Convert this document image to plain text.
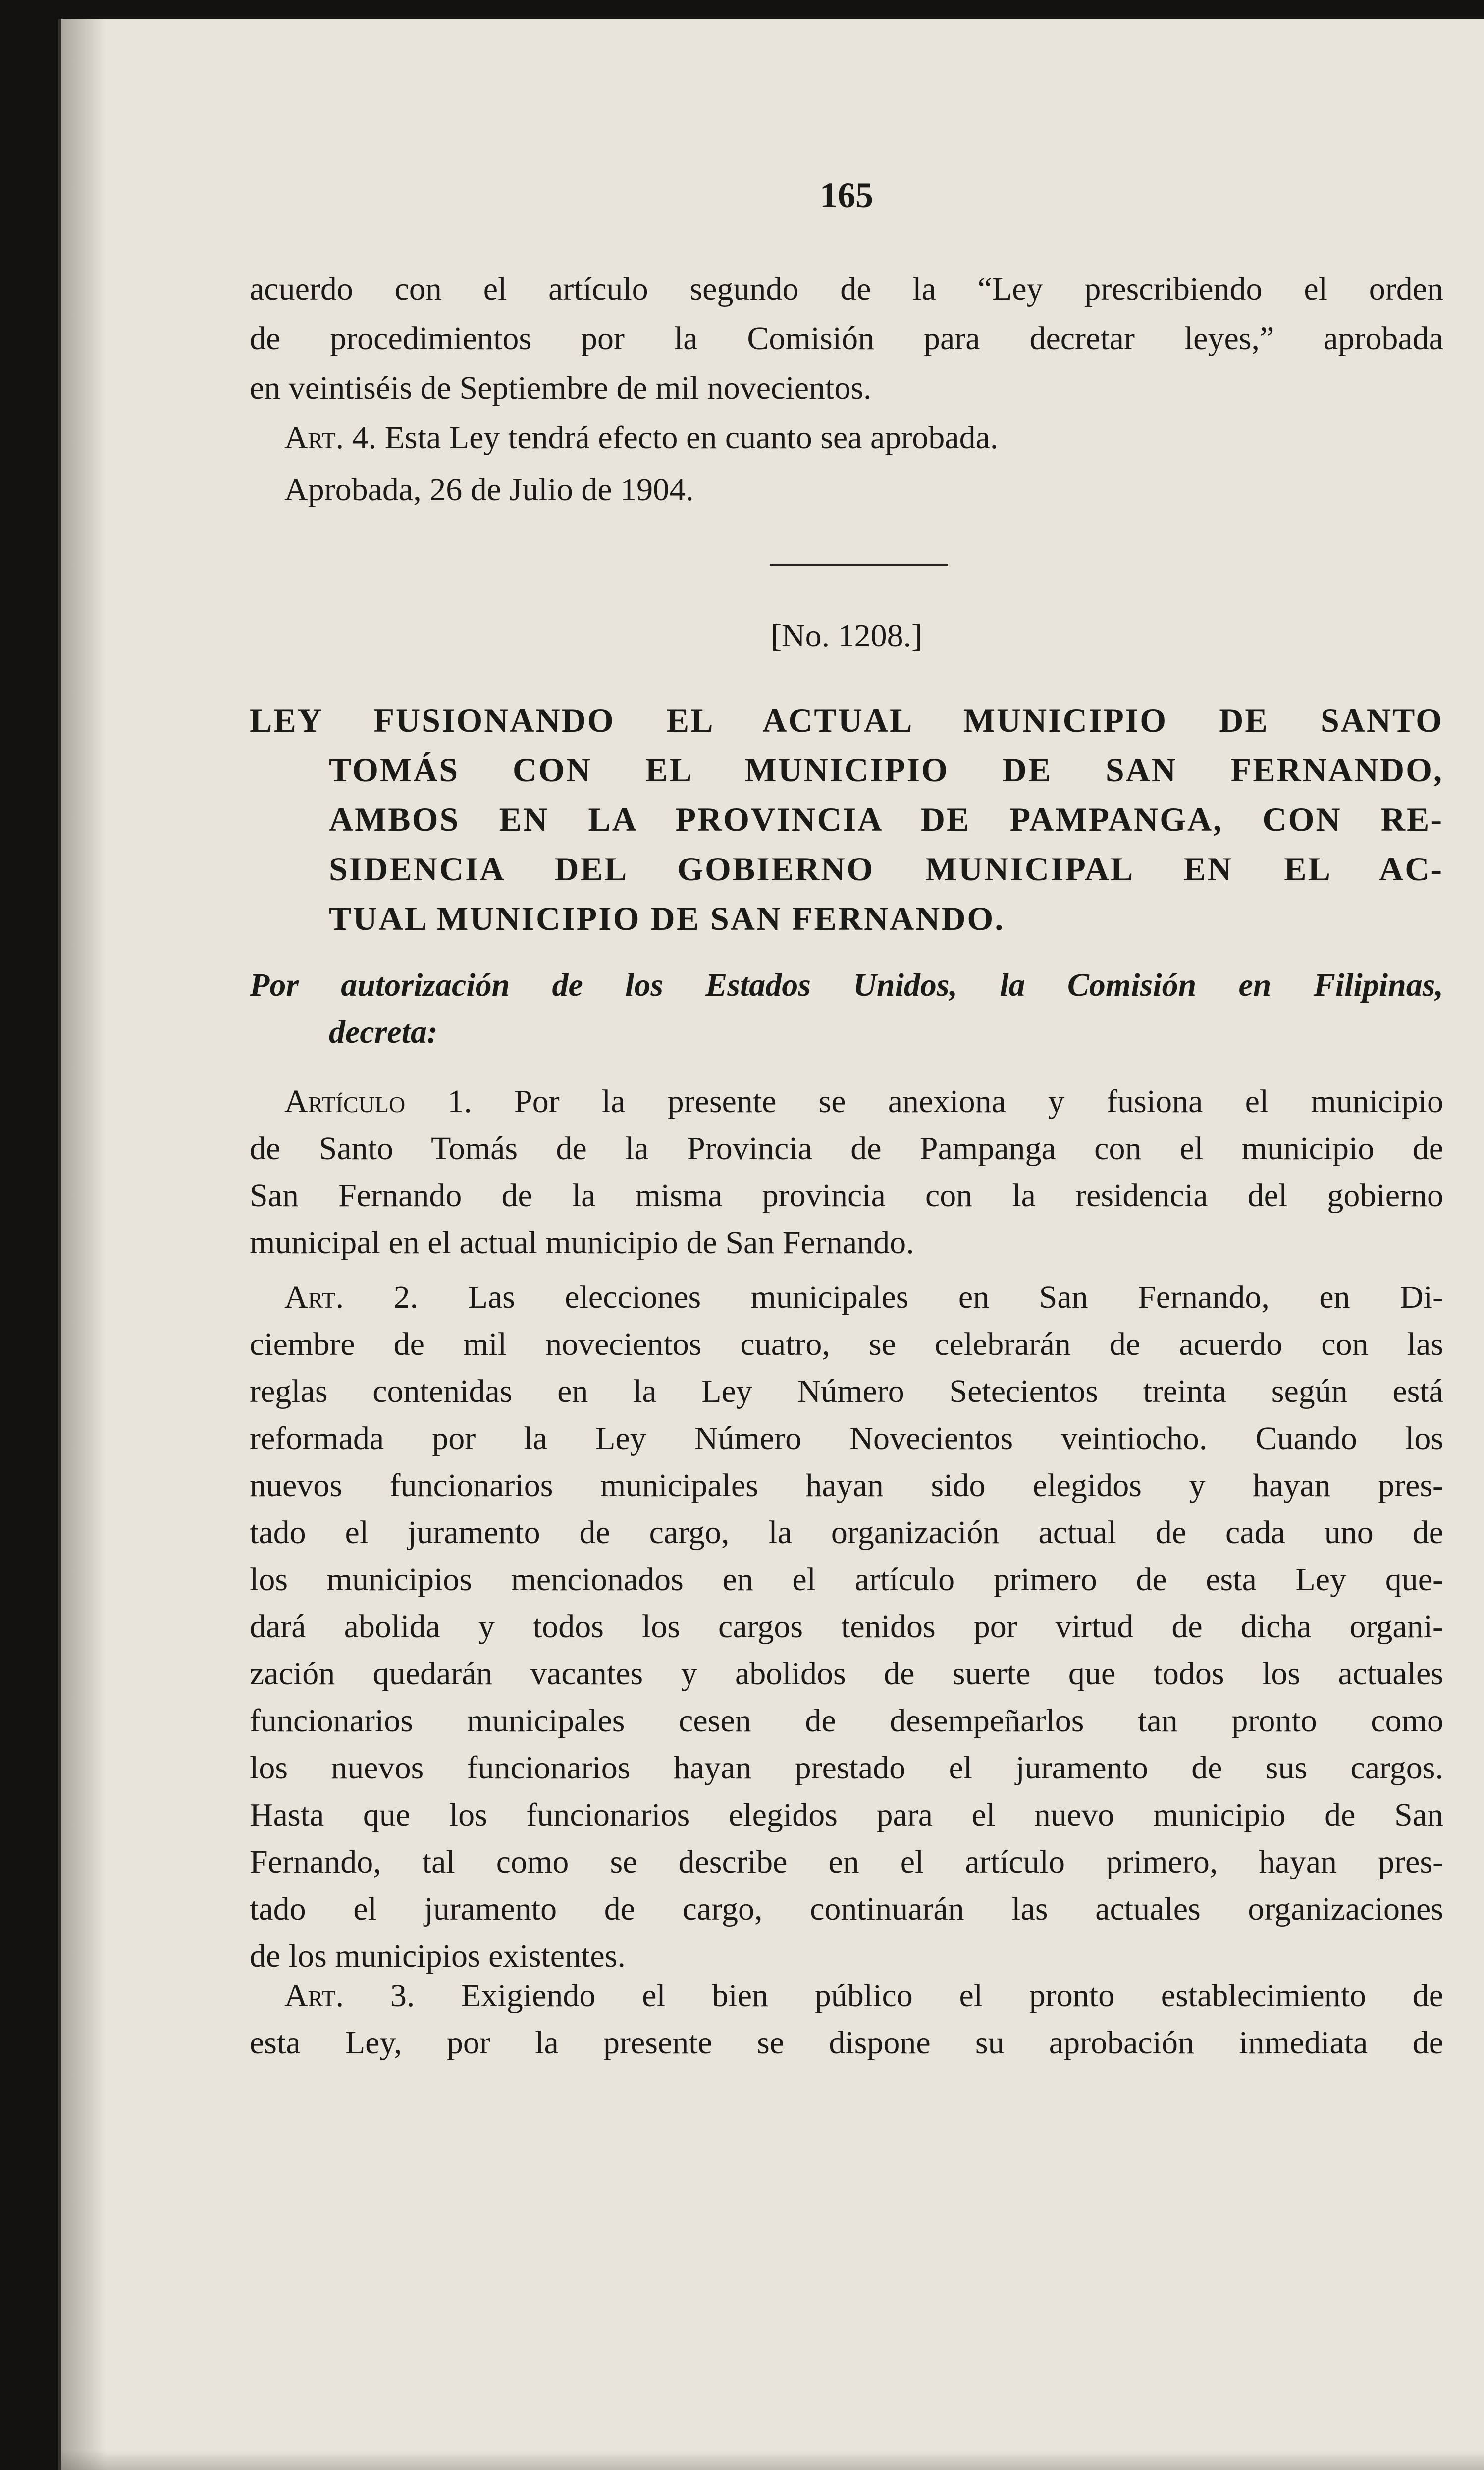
165
acuerdo con el artículo segundo de la “Ley prescribiendo el orden
de procedimientos por la Comisión para decretar leyes,” aprobada
en veintiséis de Septiembre de mil novecientos.
Art. 4. Esta Ley tendrá efecto en cuanto sea aprobada.
Aprobada, 26 de Julio de 1904.
[No. 1208.]
LEY FUSIONANDO EL ACTUAL MUNICIPIO DE SANTO
TOMÁS CON EL MUNICIPIO DE SAN FERNANDO,
AMBOS EN LA PROVINCIA DE PAMPANGA, CON RE-
SIDENCIA DEL GOBIERNO MUNICIPAL EN EL AC-
TUAL MUNICIPIO DE SAN FERNANDO.
Por autorización de los Estados Unidos, la Comisión en Filipinas,
decreta:
Artículo 1. Por la presente se anexiona y fusiona el municipio
de Santo Tomás de la Provincia de Pampanga con el municipio de
San Fernando de la misma provincia con la residencia del gobierno
municipal en el actual municipio de San Fernando.
Art. 2. Las elecciones municipales en San Fernando, en Di-
ciembre de mil novecientos cuatro, se celebrarán de acuerdo con las
reglas contenidas en la Ley Número Setecientos treinta según está
reformada por la Ley Número Novecientos veintiocho. Cuando los
nuevos funcionarios municipales hayan sido elegidos y hayan pres-
tado el juramento de cargo, la organización actual de cada uno de
los municipios mencionados en el artículo primero de esta Ley que-
dará abolida y todos los cargos tenidos por virtud de dicha organi-
zación quedarán vacantes y abolidos de suerte que todos los actuales
funcionarios municipales cesen de desempeñarlos tan pronto como
los nuevos funcionarios hayan prestado el juramento de sus cargos.
Hasta que los funcionarios elegidos para el nuevo municipio de San
Fernando, tal como se describe en el artículo primero, hayan pres-
tado el juramento de cargo, continuarán las actuales organizaciones
de los municipios existentes.
Art. 3. Exigiendo el bien público el pronto establecimiento de
esta Ley, por la presente se dispone su aprobación inmediata de
